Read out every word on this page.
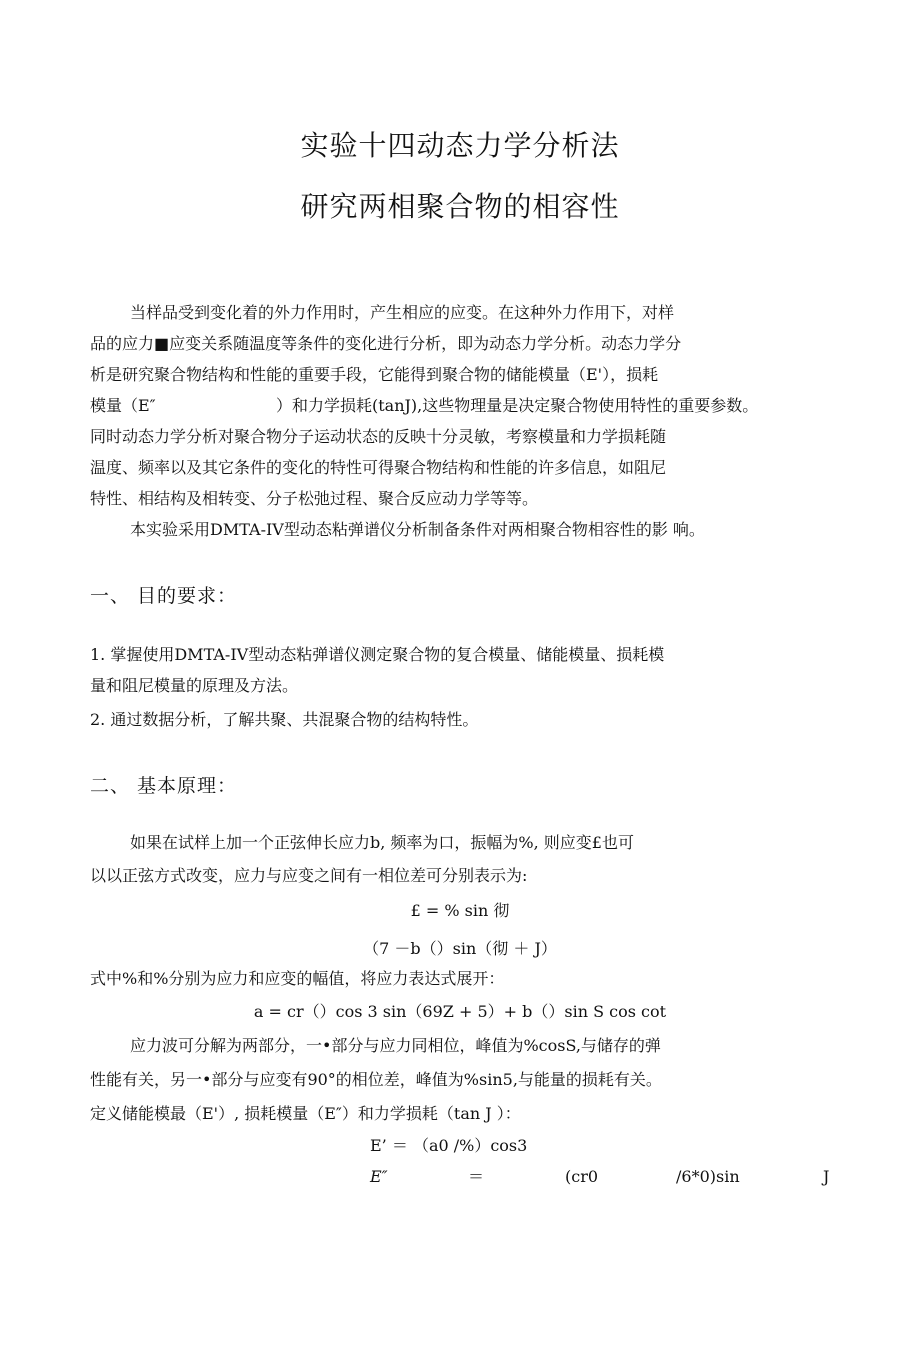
实验十四动态力学分析法
研究两相聚合物的相容性
当样品受到变化着的外力作用时，产生相应的应变。在这种外力作用下，对样
品的应力■应变关系随温度等条件的变化进行分析，即为动态力学分析。动态力学分
析是研究聚合物结构和性能的重要手段，它能得到聚合物的储能模量（E'），损耗
模量（E″	）和力学损耗(tanJ),这些物理量是决定聚合物使用特性的重要参数。
同时动态力学分析对聚合物分子运动状态的反映十分灵敏，考察模量和力学损耗随
温度、频率以及其它条件的变化的特性可得聚合物结构和性能的许多信息，如阻尼
特性、相结构及相转变、分子松弛过程、聚合反应动力学等等。
本实验采用DMTA-IV型动态粘弹谱仪分析制备条件对两相聚合物相容性的影 响。
一、 目的要求：
1. 掌握使用DMTA-IV型动态粘弹谱仪测定聚合物的复合模量、储能模量、损耗模
量和阻尼模量的原理及方法。
2. 通过数据分析，了解共聚、共混聚合物的结构特性。
二、 基本原理：
如果在试样上加一个正弦伸长应力b, 频率为口，振幅为%, 则应变£也可
以以正弦方式改变，应力与应变之间有一相位差可分别表示为:
£ = % sin 彻
（7 －b（）sin（彻 ＋ J）
式中%和%分别为应力和应变的幅值，将应力表达式展开：
a = cr（）cos 3 sin（69Z + 5）+ b（）sin S cos cot
应力波可分解为两部分，一•部分与应力同相位，峰值为%cosS,与储存的弹
性能有关，另一•部分与应变有90°的相位差，峰值为%sin5,与能量的损耗有关。
定义储能模最（E'）, 损耗模量（E″）和力学损耗（tan J ）：
E’ ＝ （a0 /%）cos3
E″	＝	(cr0	/6*0)sin	J
